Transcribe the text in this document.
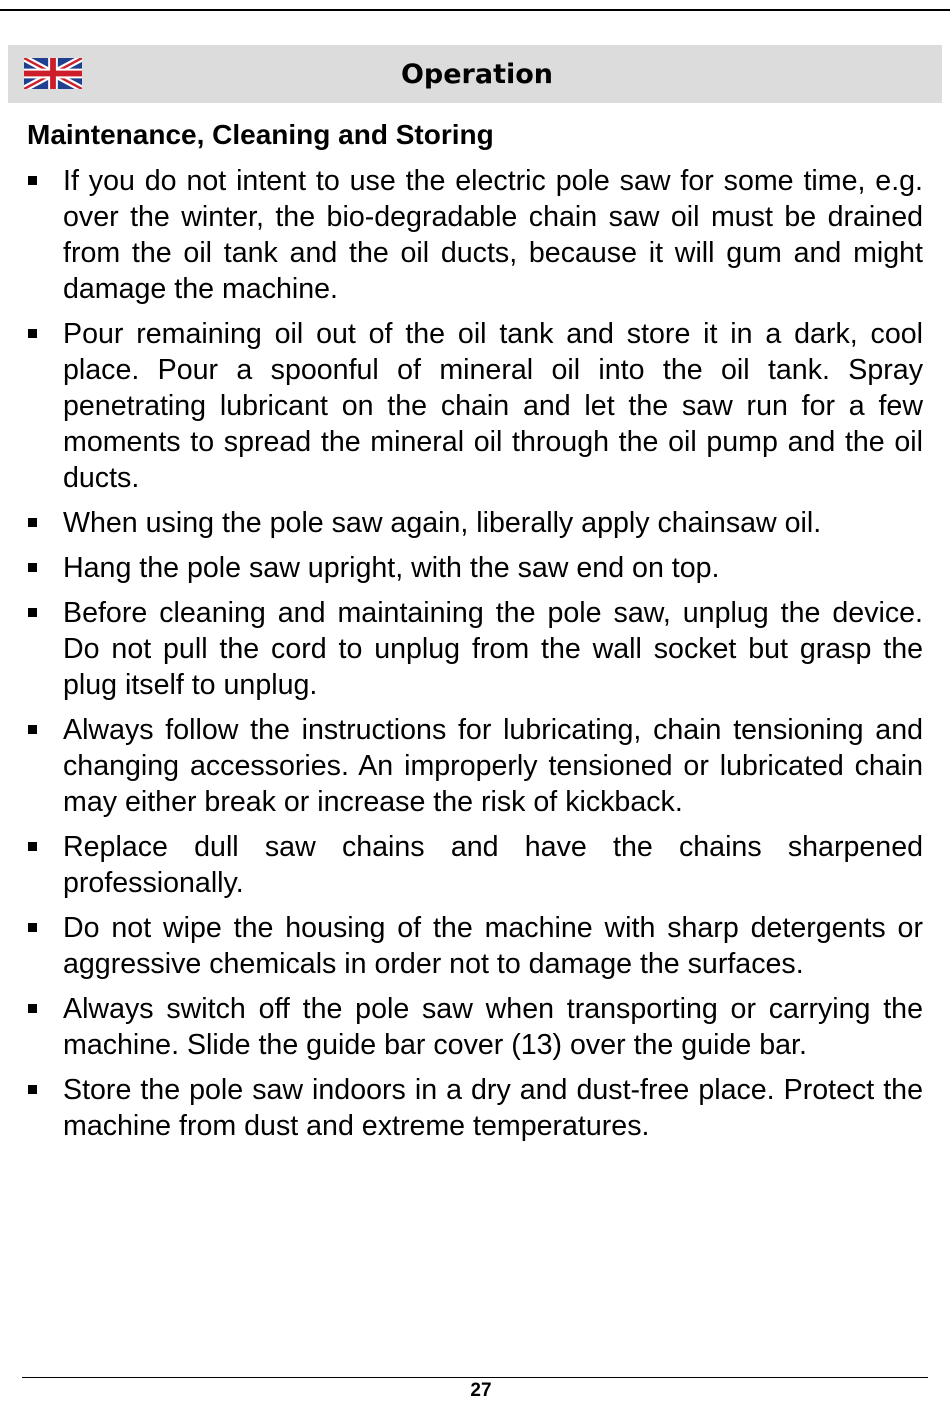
Operation
Maintenance, Cleaning and Storing
If you do not intent to use the electric pole saw for some time, e.g. over the winter, the bio-degradable chain saw oil must be drained from the oil tank and the oil ducts, because it will gum and might damage the machine.
Pour remaining oil out of the oil tank and store it in a dark, cool place. Pour a spoonful of mineral oil into the oil tank. Spray penetrating lubricant on the chain and let the saw run for a few moments to spread the mineral oil through the oil pump and the oil ducts.
When using the pole saw again, liberally apply chainsaw oil.
Hang the pole saw upright, with the saw end on top.
Before cleaning and maintaining the pole saw, unplug the device. Do not pull the cord to unplug from the wall socket but grasp the plug itself to unplug.
Always follow the instructions for lubricating, chain tensioning and changing accessories. An improperly tensioned or lubricated chain may either break or increase the risk of kickback.
Replace dull saw chains and have the chains sharpened professionally.
Do not wipe the housing of the machine with sharp detergents or aggressive chemicals in order not to damage the surfaces.
Always switch off the pole saw when transporting or carrying the machine. Slide the guide bar cover (13) over the guide bar.
Store the pole saw indoors in a dry and dust-free place. Protect the machine from dust and extreme temperatures.
27
